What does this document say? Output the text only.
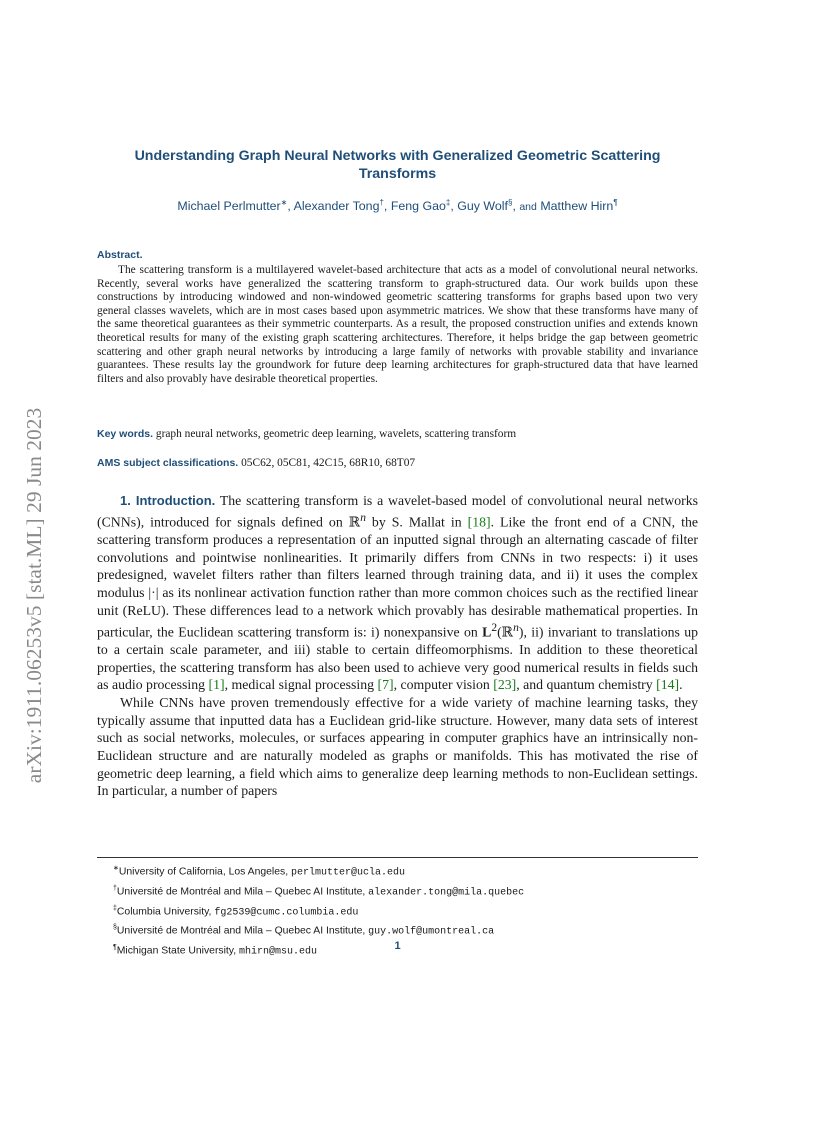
arXiv:1911.06253v5 [stat.ML] 29 Jun 2023
Understanding Graph Neural Networks with Generalized Geometric Scattering Transforms
Michael Perlmutter∗, Alexander Tong†, Feng Gao‡, Guy Wolf§, and Matthew Hirn¶
Abstract.

The scattering transform is a multilayered wavelet-based architecture that acts as a model of convolutional neural networks. Recently, several works have generalized the scattering transform to graph-structured data. Our work builds upon these constructions by introducing windowed and non-windowed geometric scattering transforms for graphs based upon two very general classes wavelets, which are in most cases based upon asymmetric matrices. We show that these transforms have many of the same theoretical guarantees as their symmetric counterparts. As a result, the proposed construction unifies and extends known theoretical results for many of the existing graph scattering architectures. Therefore, it helps bridge the gap between geometric scattering and other graph neural networks by introducing a large family of networks with provable stability and invariance guarantees. These results lay the groundwork for future deep learning architectures for graph-structured data that have learned filters and also provably have desirable theoretical properties.

Key words. graph neural networks, geometric deep learning, wavelets, scattering transform

AMS subject classifications. 05C62, 05C81, 42C15, 68R10, 68T07

1. Introduction. The scattering transform is a wavelet-based model of convolutional neural networks (CNNs), introduced for signals defined on ℝ$^n$ by S. Mallat in [18]. Like the front end of a CNN, the scattering transform produces a representation of an inputted signal through an alternating cascade of filter convolutions and pointwise nonlinearities. It primarily differs from CNNs in two respects: i) it uses predesigned, wavelet filters rather than filters learned through training data, and ii) it uses the complex modulus |·| as its nonlinear activation function rather than more common choices such as the rectified linear unit (ReLU). These differences lead to a network which provably has desirable mathematical properties. In particular, the Euclidean scattering transform is: i) nonexpansive on $L^2(ℝ^n)$, ii) invariant to translations up to a certain scale parameter, and iii) stable to certain diffeomorphisms. In addition to these theoretical properties, the scattering transform has also been used to achieve very good numerical results in fields such as audio processing [1], medical signal processing [7], computer vision [23], and quantum chemistry [14].

While CNNs have proven tremendously effective for a wide variety of machine learning tasks, they typically assume that inputted data has a Euclidean grid-like structure. However, many data sets of interest such as social networks, molecules, or surfaces appearing in computer graphics have an intrinsically non-Euclidean structure and are naturally modeled as graphs or manifolds. This has motivated the rise of geometric deep learning, a field which aims to generalize deep learning methods to non-Euclidean settings. In particular, a number of papers

∗University of California, Los Angeles, perlmutter@ucla.edu
†Université de Montréal and Mila – Quebec AI Institute, alexander.tong@mila.quebec
‡Columbia University, fg2539@cumc.columbia.edu
§Université de Montréal and Mila – Quebec AI Institute, guy.wolf@umontreal.ca
¶Michigan State University, mhirn@msu.edu
1
